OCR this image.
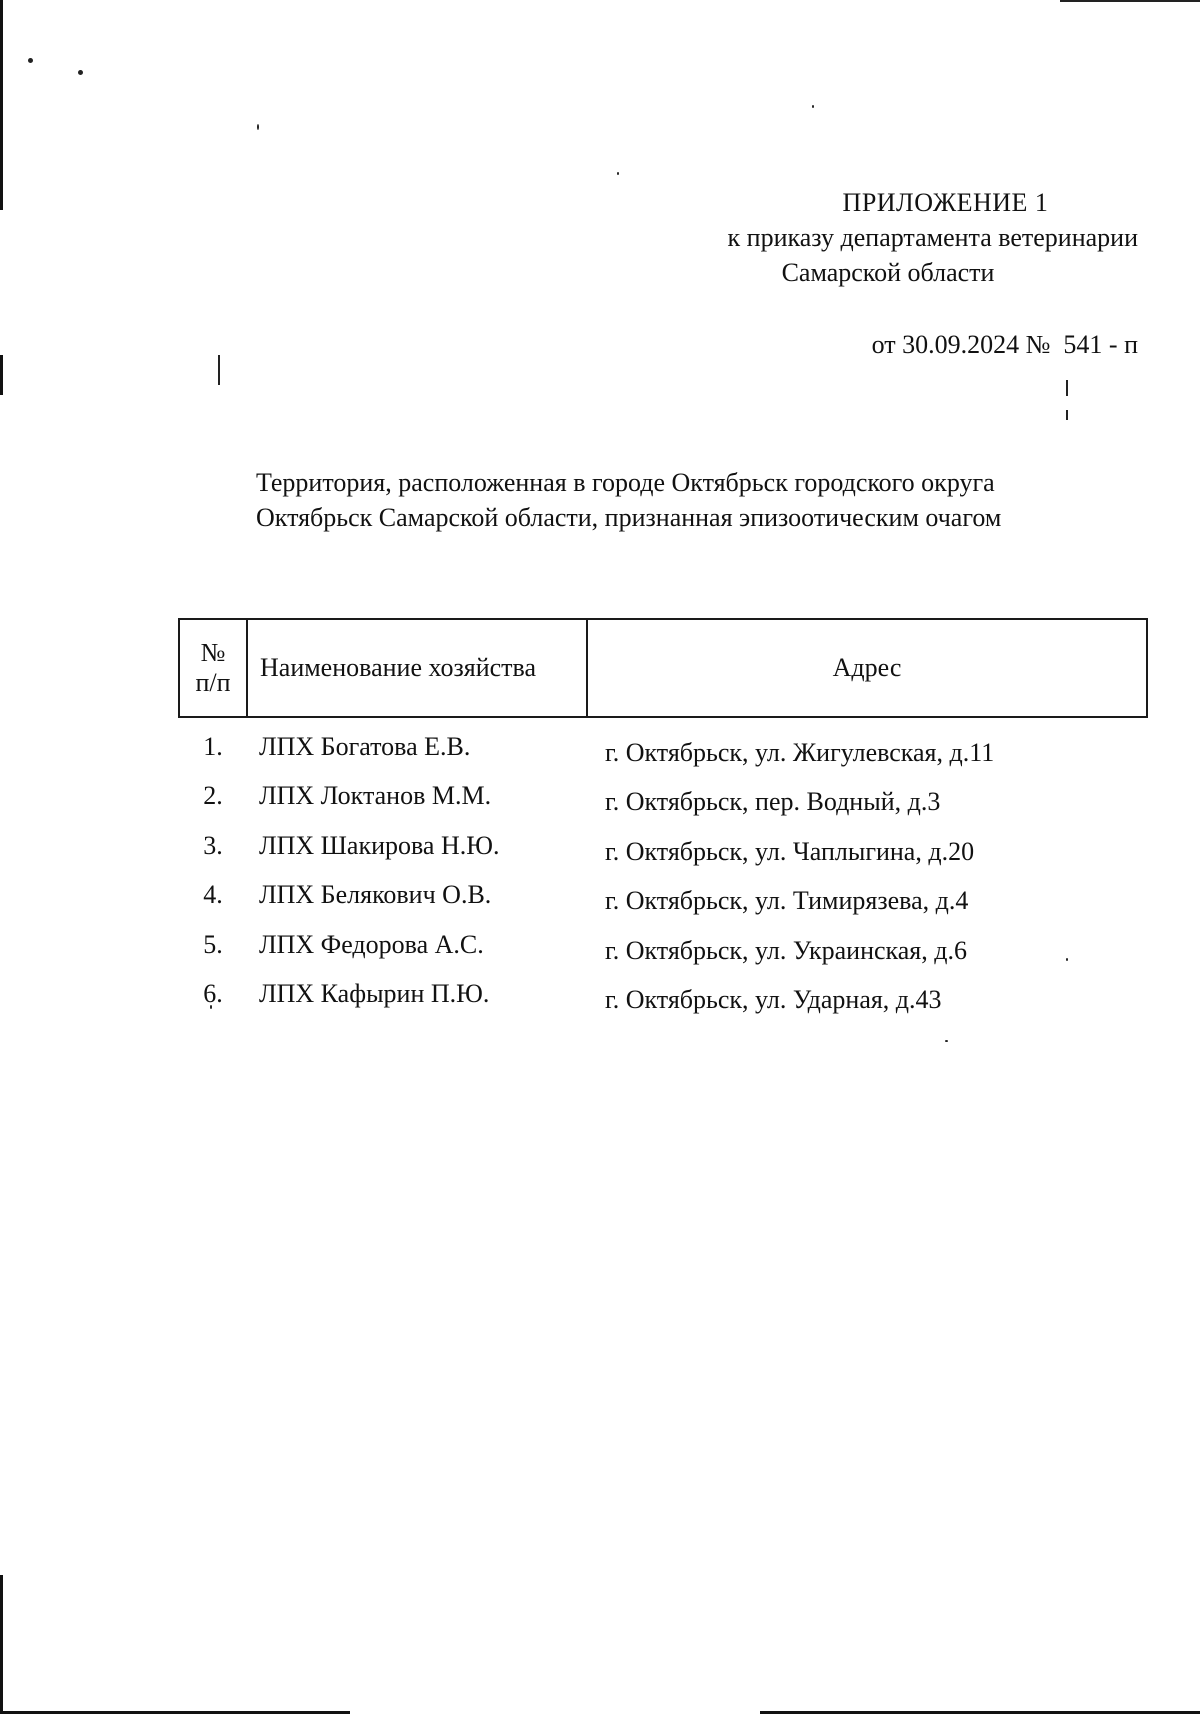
ПРИЛОЖЕНИЕ 1
к приказу департамента ветеринарии
Самарской области
от 30.09.2024 №  541 - п
Территория, расположенная в городе Октябрьск городского округа
Октябрьск Самарской области, признанная эпизоотическим очагом
№
п/п	Наименование хозяйства	Адрес
1.	ЛПХ Богатова Е.В.	г. Октябрьск, ул. Жигулевская, д.11
2.	ЛПХ Локтанов М.М.	г. Октябрьск, пер. Водный, д.3
3.	ЛПХ Шакирова Н.Ю.	г. Октябрьск, ул. Чаплыгина, д.20
4.	ЛПХ Белякович О.В.	г. Октябрьск, ул. Тимирязева, д.4
5.	ЛПХ Федорова А.С.	г. Октябрьск, ул. Украинская, д.6
6.	ЛПХ Кафырин П.Ю.	г. Октябрьск, ул. Ударная, д.43
